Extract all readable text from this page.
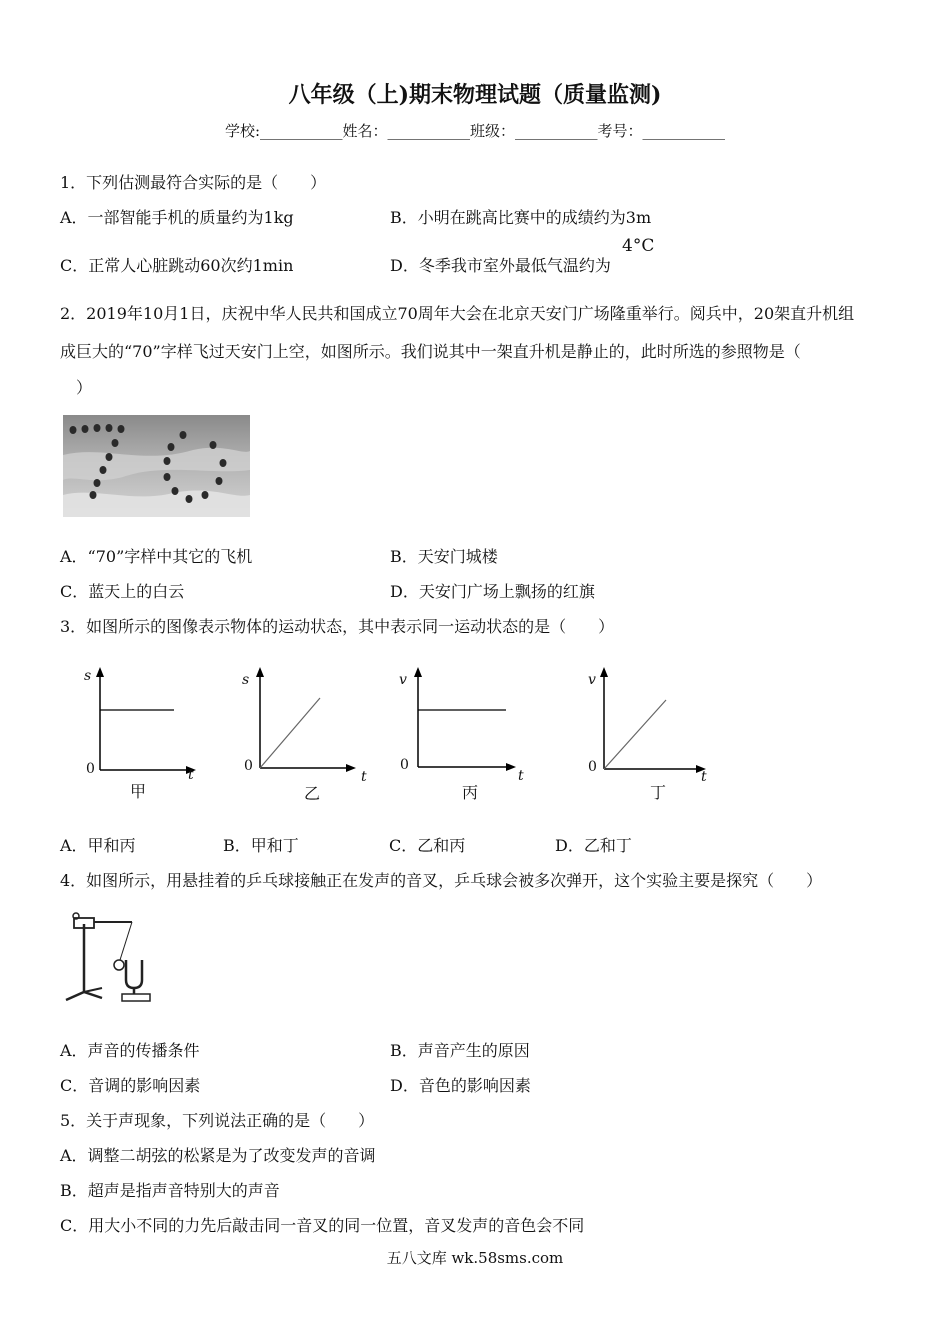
八年级（上)期末物理试题（质量监测)
学校:___________姓名：___________班级：___________考号：___________
1．下列估测最符合实际的是（　　）
A．一部智能手机的质量约为1kg	B．小明在跳高比赛中的成绩约为3m
C．正常人心脏跳动60次约1min	D．冬季我市室外最低气温约为
4°C
2．2019年10月1日，庆祝中华人民共和国成立70周年大会在北京天安门广场隆重举行。阅兵中，20架直升机组
成巨大的“70”字样飞过天安门上空，如图所示。我们说其中一架直升机是静止的，此时所选的参照物是（
）
A．“70”字样中其它的飞机	B．天安门城楼
C．蓝天上的白云	D．天安门广场上飘扬的红旗
3．如图所示的图像表示物体的运动状态，其中表示同一运动状态的是（　　）
s
t
0
甲
s
t
0
乙
v
t
0
丙
v
t
0
丁
A．甲和丙	B．甲和丁	C．乙和丙	D．乙和丁
4．如图所示，用悬挂着的乒乓球接触正在发声的音叉，乒乓球会被多次弹开，这个实验主要是探究（　　）
A．声音的传播条件	B．声音产生的原因
C．音调的影响因素	D．音色的影响因素
5．关于声现象，下列说法正确的是（　　）
A．调整二胡弦的松紧是为了改变发声的音调
B．超声是指声音特别大的声音
C．用大小不同的力先后敲击同一音叉的同一位置，音叉发声的音色会不同
五八文库 wk.58sms.com
